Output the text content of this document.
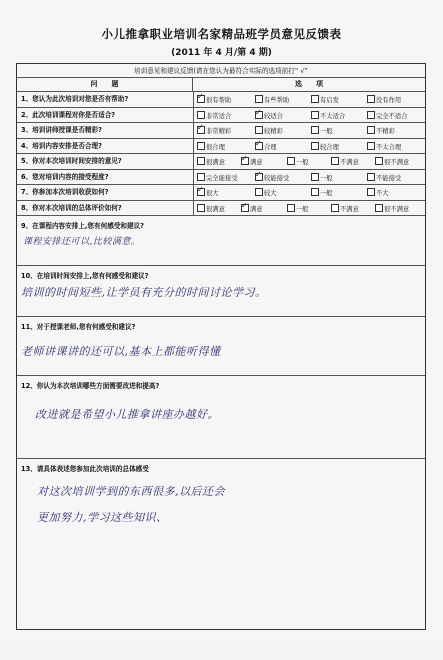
小儿推拿职业培训名家精品班学员意见反馈表
(2011 年 4 月/第 4 期)
培训意见和建议反馈(请在您认为最符合实际的选项前打“ √”
问　　题	选　　项
1、您认为此次培训对您是否有帮助? ✓	很有帮助	有些帮助	有启发	没有作用
2、此次培训课程对你是否适合?	非常适合 ✓	较适合	不太适合	完全不适合
3、培训讲师授课是否精彩? ✓	非常精彩	较精彩	一般	不精彩
4、培训内容安排是否合理?	很合理 ✓	合理	较合理	不太合理
5、你对本次培训时间安排的意见?	很满意 ✓	满意	一般	不满意	很不满意
6、您对培训内容的接受程度?	完全能接受 ✓	较能接受	一般	不能接受
7、你参加本次培训收获如何? ✓	很大	较大	一般	不大
8、你对本次培训的总体评价如何?	很满意 ✓	满意	一般	不满意	很不满意
9、在课程内容安排上,您有何感受和建议?
课程安排还可以,比较满意。
10、在培训时间安排上,您有何感受和建议?
培训的时间短些,让学员有充分的时间讨论学习。
11、对于授课老师,您有何感受和建议?
老师讲课讲的还可以,基本上都能听得懂
12、你认为本次培训哪些方面需要改进和提高?
改进就是希望小儿推拿讲座办越好。
13、请具体表述您参加此次培训的总体感受
对这次培训学到的东西很多,以后还会
更加努力,学习这些知识、
